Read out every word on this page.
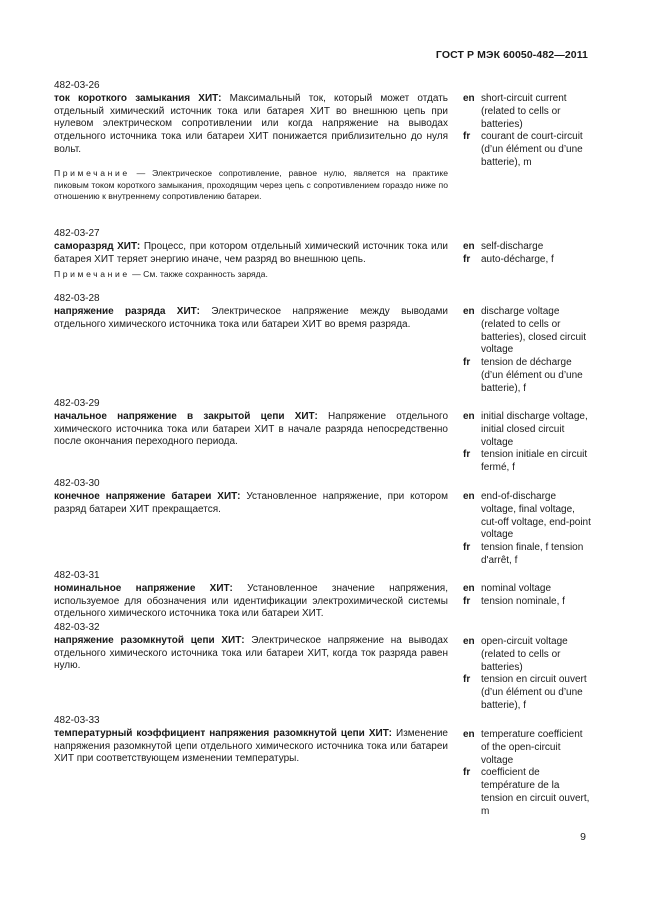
ГОСТ Р МЭК 60050-482—2011
482-03-26
ток короткого замыкания ХИТ: Максимальный ток, который может отдать отдельный химический источник тока или батарея ХИТ во внешнюю цепь при нулевом электрическом сопротивлении или когда напряжение на выводах отдельного источника тока или батареи ХИТ понижается приблизительно до нуля вольт.
Примечание — Электрическое сопротивление, равное нулю, является на практике пиковым током короткого замыкания, проходящим через цепь с сопротивлением гораздо ниже по отношению к внутреннему сопротивлению батареи.
en short-circuit current (related to cells or batteries)
fr	courant de court-circuit (d’un élément ou d’une batterie), m
482-03-27
саморазряд ХИТ: Процесс, при котором отдельный химический источник тока или батарея ХИТ теряет энергию иначе, чем разряд во внешнюю цепь.
Примечание — См. также сохранность заряда.
en self-discharge
fr	auto-décharge, f
482-03-28
напряжение разряда ХИТ: Электрическое напряжение между выводами отдельного химического источника тока или батареи ХИТ во время разряда.
en discharge voltage (related to cells or batteries), closed circuit voltage
fr	tension de décharge (d’un élément ou d’une batterie), f
482-03-29
начальное напряжение в закрытой цепи ХИТ: Напряжение отдельного химического источника тока или батареи ХИТ в начале разряда непосредственно после окончания переходного периода.
en initial discharge voltage, initial closed circuit voltage
fr	tension initiale en circuit fermé, f
482-03-30
конечное напряжение батареи ХИТ: Установленное напряжение, при котором разряд батареи ХИТ прекращается.
en end-of-discharge voltage, final voltage, cut-off voltage, end-point voltage
fr	tension finale, f tension d'arrêt, f
482-03-31
номинальное напряжение ХИТ: Установленное значение напряжения, используемое для обозначения или идентификации электрохимической системы отдельного химического источника тока или батареи ХИТ.
en nominal voltage
fr	tension nominale, f
482-03-32
напряжение разомкнутой цепи ХИТ: Электрическое напряжение на выводах отдельного химического источника тока или батареи ХИТ, когда ток разряда равен нулю.
en open-circuit voltage (related to cells or batteries)
fr	tension en circuit ouvert (d’un élément ou d’une batterie), f
482-03-33
температурный коэффициент напряжения разомкнутой цепи ХИТ: Изменение напряжения разомкнутой цепи отдельного химического источника тока или батареи ХИТ при соответствующем изменении температуры.
en temperature coefficient of the open-circuit voltage
fr	coefficient de température de la tension en circuit ouvert, m
9
